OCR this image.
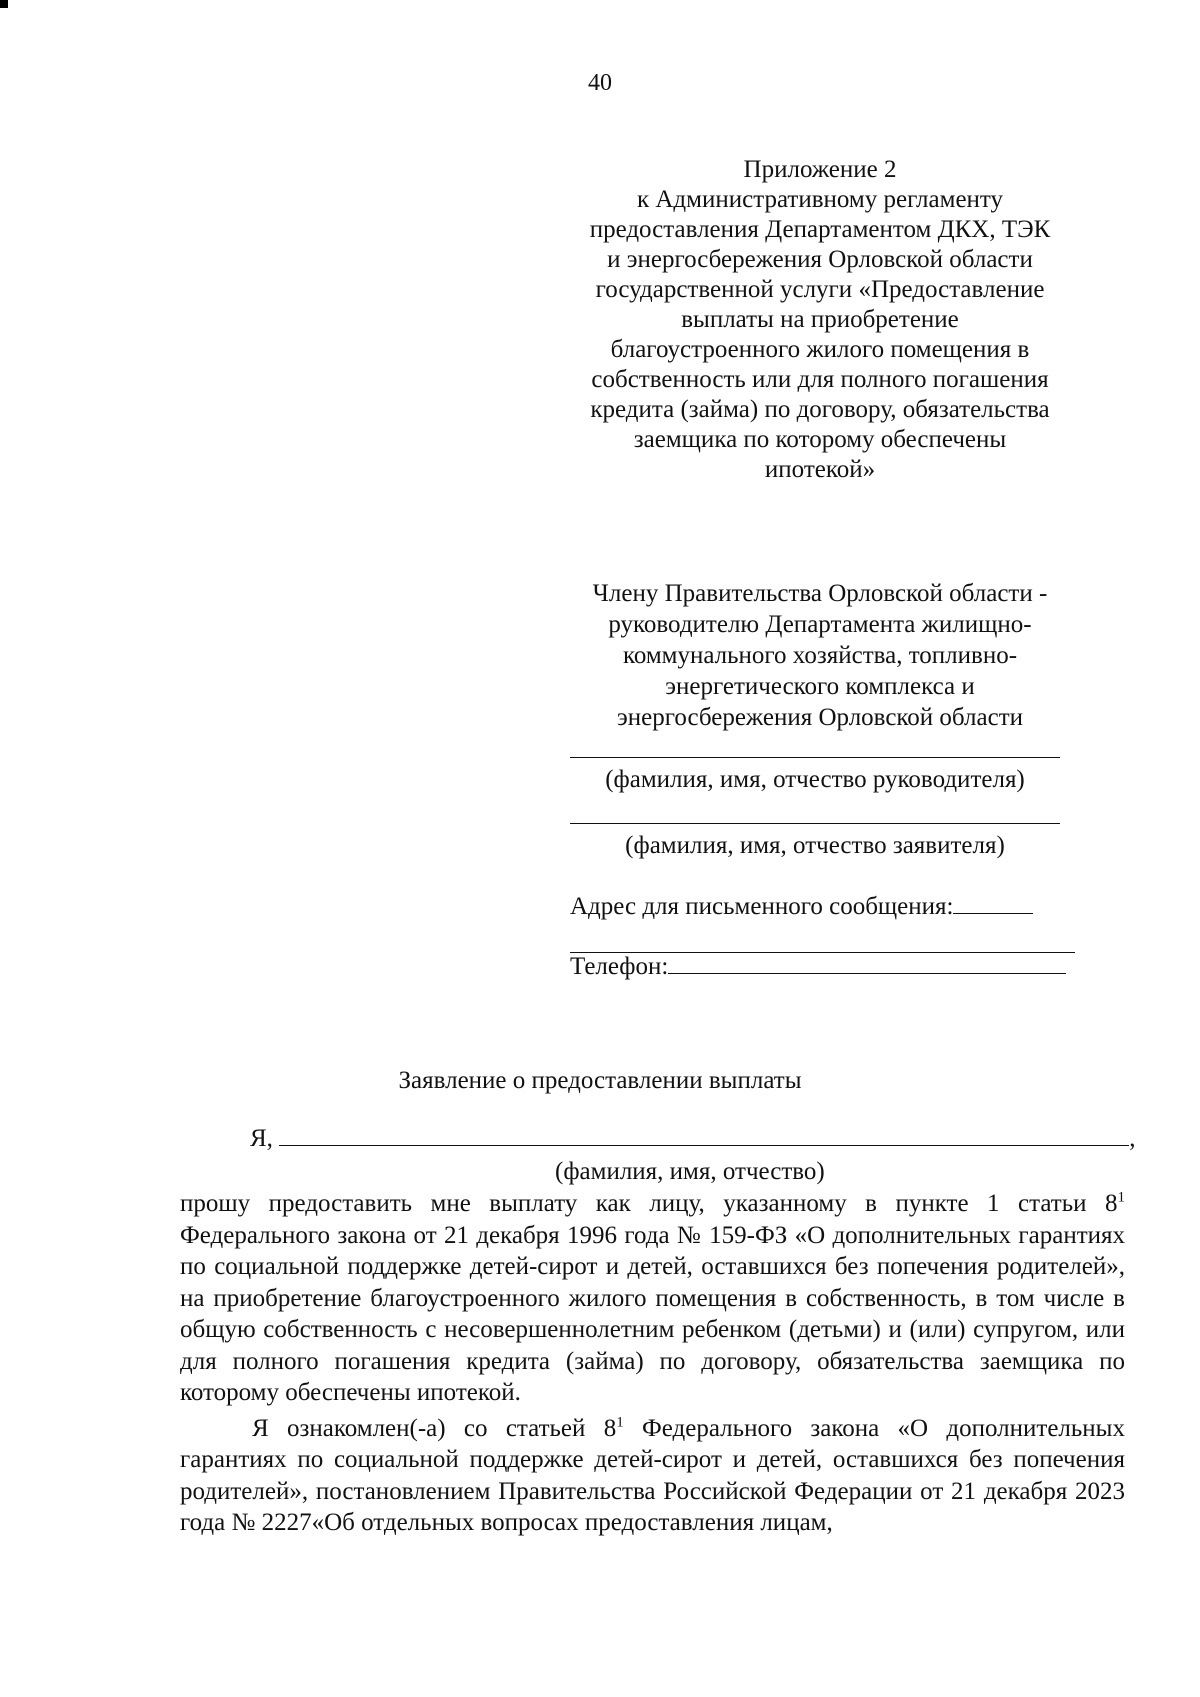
40
Приложение 2
к Административному регламенту
предоставления Департаментом ДКХ, ТЭК
и энергосбережения Орловской области
государственной услуги «Предоставление
выплаты на приобретение
благоустроенного жилого помещения в
собственность или для полного погашения
кредита (займа) по договору, обязательства
заемщика по которому обеспечены
ипотекой»
Члену Правительства Орловской области -
руководителю Департамента жилищно-
коммунального хозяйства, топливно-
энергетического комплекса и
энергосбережения Орловской области
(фамилия, имя, отчество руководителя)
(фамилия, имя, отчество заявителя)
Адрес для письменного сообщения:
Телефон:
Заявление о предоставлении выплаты
Я,	,
(фамилия, имя, отчество)

прошу предоставить мне выплату как лицу, указанному в пункте 1 статьи $8^1$ Федерального закона от 21 декабря 1996 года № 159-ФЗ «О дополнительных гарантиях по социальной поддержке детей-сирот и детей, оставшихся без попечения родителей», на приобретение благоустроенного жилого помещения в собственность, в том числе в общую собственность с несовершеннолетним ребенком (детьми) и (или) супругом, или для полного погашения кредита (займа) по договору, обязательства заемщика по которому обеспечены ипотекой.

Я ознакомлен(-а) со статьей $8^1$ Федерального закона «О дополнительных гарантиях по социальной поддержке детей-сирот и детей, оставшихся без попечения родителей», постановлением Правительства Российской Федерации от 21 декабря 2023 года № 2227«Об отдельных вопросах предоставления лицам,
